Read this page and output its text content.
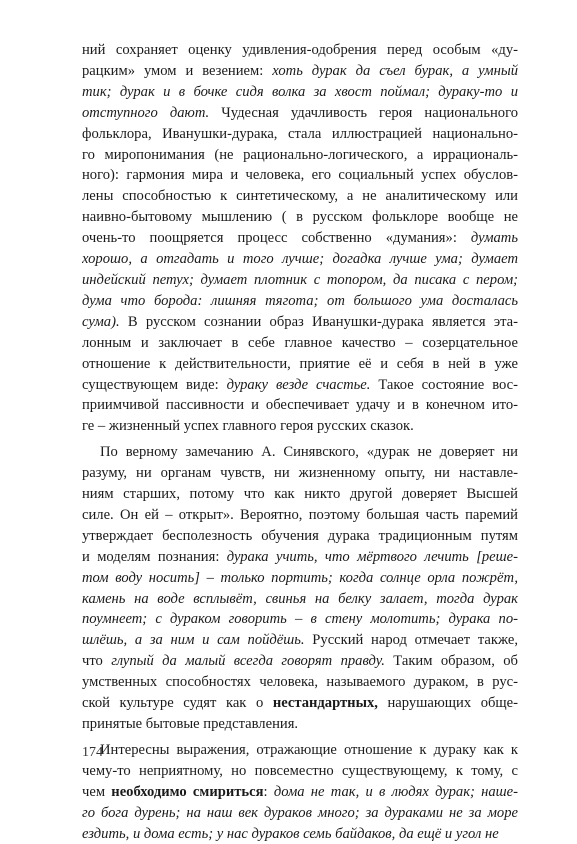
ний сохраняет оценку удивления-одобрения перед особым «ду-
рацким» умом и везением: хоть дурак да съел бурак, а умный
тик; дурак и в бочке сидя волка за хвост поймал; дураку-то и
отступного дают. Чудесная удачливость героя национального
фольклора, Иванушки-дурака, стала иллюстрацией национально-
го миропонимания (не рационально-логического, а иррациональ-
ного): гармония мира и человека, его социальный успех обуслов-
лены способностью к синтетическому, а не аналитическому или
наивно-бытовому мышлению ( в русском фольклоре вообще не
очень-то поощряется процесс собственно «думания»: думать
хорошо, а отгадать и того лучше; догадка лучше ума; думает
индейский петух; думает плотник с топором, да писака с пером;
дума что борода: лишняя тягота; от большого ума досталась
сума). В русском сознании образ Иванушки-дурака является эта-
лонным и заключает в себе главное качество – созерцательное
отношение к действительности, приятие её и себя в ней в уже
существующем виде: дураку везде счастье. Такое состояние вос-
приимчивой пассивности и обеспечивает удачу и в конечном ито-
ге – жизненный успех главного героя русских сказок.
По верному замечанию А. Синявского, «дурак не доверяет ни
разуму, ни органам чувств, ни жизненному опыту, ни наставле-
ниям старших, потому что как никто другой доверяет Высшей
силе. Он ей – открыт». Вероятно, поэтому большая часть паремий
утверждает бесполезность обучения дурака традиционным путям
и моделям познания: дурака учить, что мёртвого лечить [реше-
том воду носить] – только портить; когда солнце орла пожрёт,
камень на воде всплывёт, свинья на белку залает, тогда дурак
поумнеет; с дураком говорить – в стену молотить; дурака по-
шлёшь, а за ним и сам пойдёшь. Русский народ отмечает также,
что глупый да малый всегда говорят правду. Таким образом, об
умственных способностях человека, называемого дураком, в рус-
ской культуре судят как о нестандартных, нарушающих обще-
принятые бытовые представления.
Интересны выражения, отражающие отношение к дураку как к
чему-то неприятному, но повсеместно существующему, к тому, с
чем необходимо смириться: дома не так, и в людях дурак; нашe-
го бога дурень; на наш век дураков много; за дураками не за море
ездить, и дома есть; у нас дураков семь байдаков, да ещё и угол не
174
